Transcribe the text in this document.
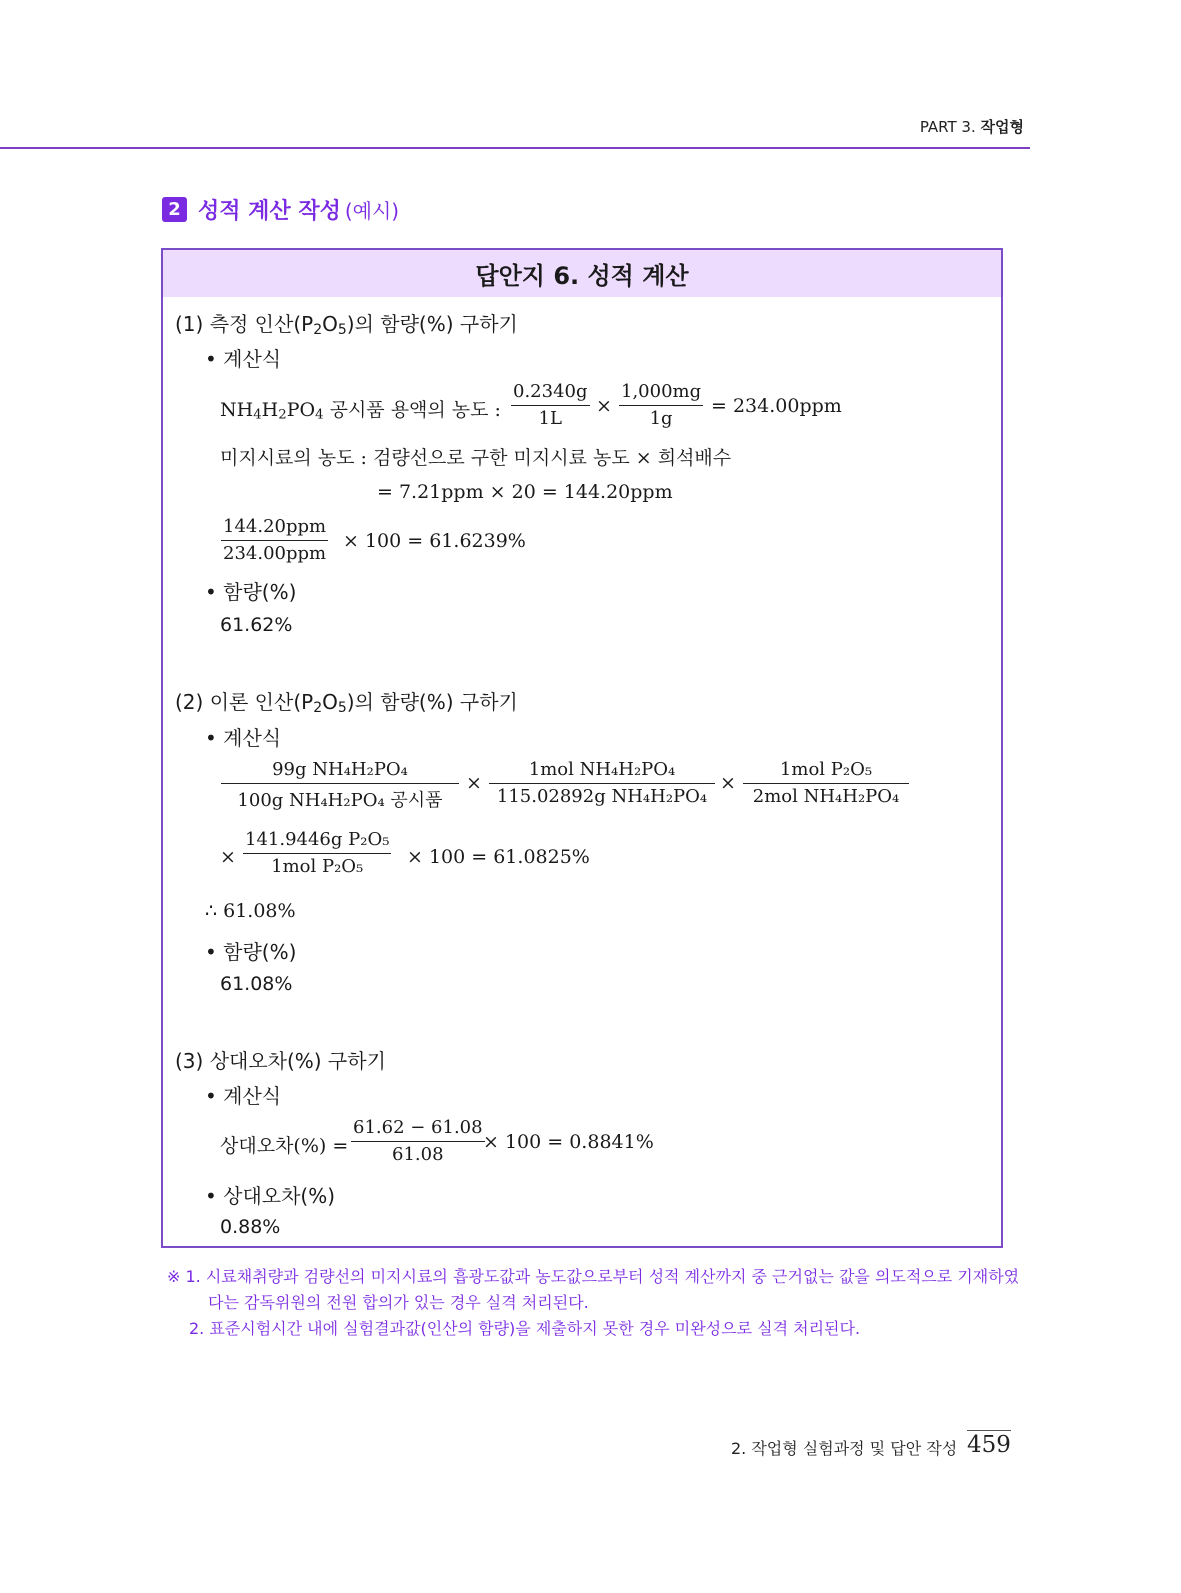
PART 3. 작업형
2 성적 계산 작성 (예시)
답안지 6. 성적 계산
(1) 측정 인산$(P_2O_5)$의 함량(%) 구하기
• 계산식
$NH_4H_2PO_4$ 공시품 용액의 농도 : $\frac{0.2340g}{1L} \times \frac{1,000mg}{1g} = 234.00ppm$
미지시료의 농도 : 검량선으로 구한 미지시료 농도 × 희석배수
= 7.21ppm × 20 = 144.20ppm
144.20ppm
234.00ppm
× 100 = 61.6239%
• 함량(%)
61.62%
(2) 이론 인산$(P_2O_5)$의 함량(%) 구하기
• 계산식
99g NH₄H₂PO₄
100g NH₄H₂PO₄ 공시품
×
1mol NH₄H₂PO₄
115.02892g NH₄H₂PO₄
×
1mol P₂O₅
2mol NH₄H₂PO₄
×
141.9446g P₂O₅
1mol P₂O₅	× 100 = 61.0825%
∴ 61.08%
• 함량(%)
61.08%
(3) 상대오차(%) 구하기
• 계산식
상대오차(%) = $\frac{61.62 - 61.08}{61.08}$
× 100 = 0.8841%
• 상대오차(%)
0.88%
※ 1. 시료채취량과 검량선의 미지시료의 흡광도값과 농도값으로부터 성적 계산까지 중 근거없는 값을 의도적으로 기재하였
다는 감독위원의 전원 합의가 있는 경우 실격 처리된다.
2. 표준시험시간 내에 실험결과값(인산의 함량)을 제출하지 못한 경우 미완성으로 실격 처리된다.
2. 작업형 실험과정 및 답안 작성 459
